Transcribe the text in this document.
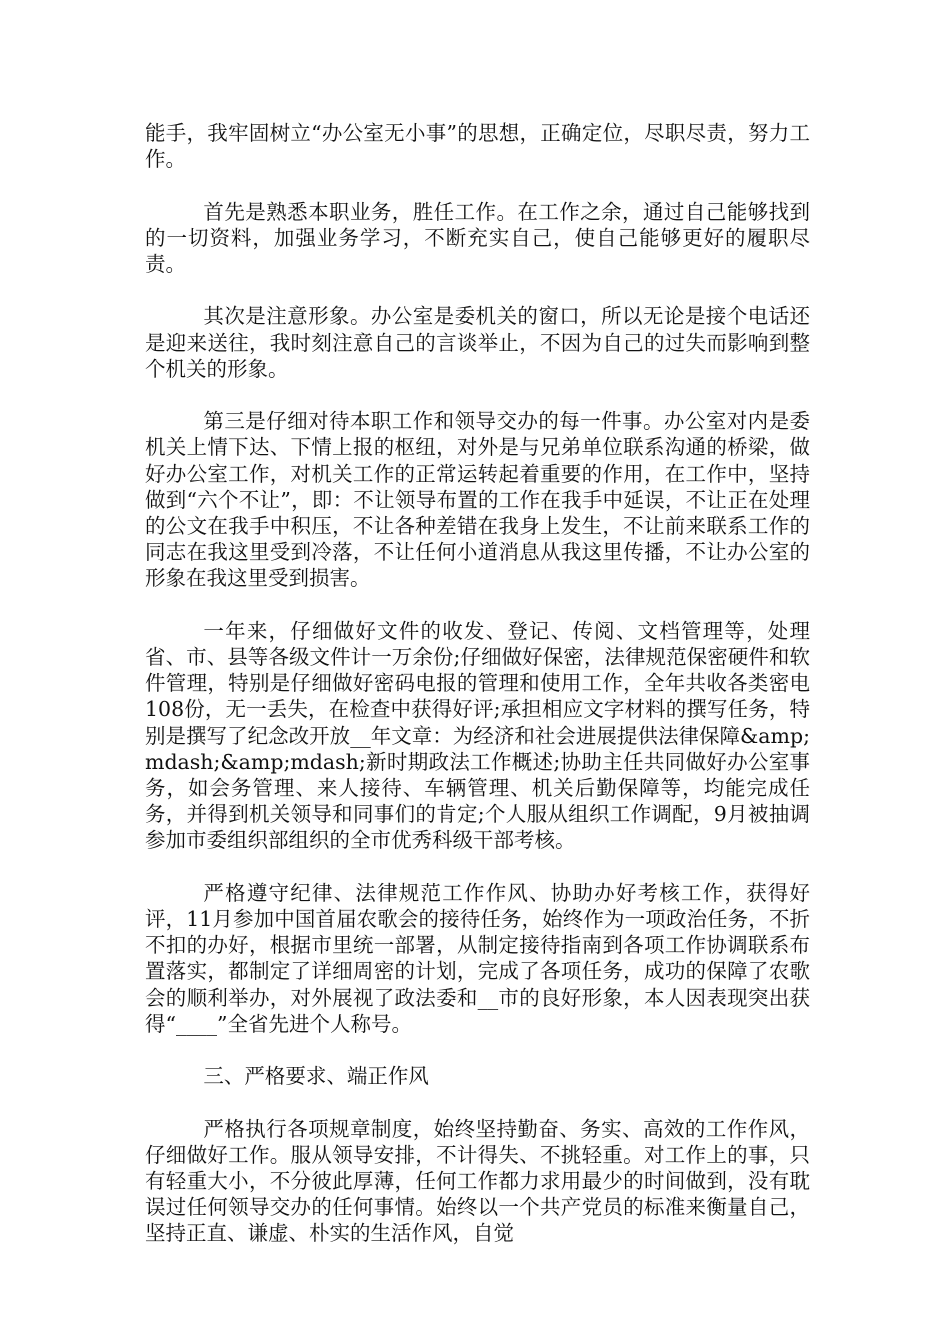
能手，我牢固树立“办公室无小事”的思想，正确定位，尽职尽责，努力工作。

首先是熟悉本职业务，胜任工作。在工作之余，通过自己能够找到的一切资料，加强业务学习，不断充实自己，使自己能够更好的履职尽责。

其次是注意形象。办公室是委机关的窗口，所以无论是接个电话还是迎来送往，我时刻注意自己的言谈举止，不因为自己的过失而影响到整个机关的形象。

第三是仔细对待本职工作和领导交办的每一件事。办公室对内是委机关上情下达、下情上报的枢纽，对外是与兄弟单位联系沟通的桥梁，做好办公室工作，对机关工作的正常运转起着重要的作用，在工作中，坚持做到“六个不让”，即：不让领导布置的工作在我手中延误，不让正在处理的公文在我手中积压，不让各种差错在我身上发生，不让前来联系工作的同志在我这里受到冷落，不让任何小道消息从我这里传播，不让办公室的形象在我这里受到损害。

一年来，仔细做好文件的收发、登记、传阅、文档管理等，处理省、市、县等各级文件计一万余份;仔细做好保密，法律规范保密硬件和软件管理，特别是仔细做好密码电报的管理和使用工作，全年共收各类密电108份，无一丢失，在检查中获得好评;承担相应文字材料的撰写任务，特别是撰写了纪念改开放__年文章：为经济和社会进展提供法律保障&amp;mdash;&amp;mdash;新时期政法工作概述;协助主任共同做好办公室事务，如会务管理、来人接待、车辆管理、机关后勤保障等，均能完成任务，并得到机关领导和同事们的肯定;个人服从组织工作调配，9月被抽调参加市委组织部组织的全市优秀科级干部考核。

严格遵守纪律、法律规范工作作风、协助办好考核工作，获得好评，11月参加中国首届农歌会的接待任务，始终作为一项政治任务，不折不扣的办好，根据市里统一部署，从制定接待指南到各项工作协调联系布置落实，都制定了详细周密的计划，完成了各项任务，成功的保障了农歌会的顺利举办，对外展视了政法委和__市的良好形象，本人因表现突出获得“____”全省先进个人称号。

三、严格要求、端正作风

严格执行各项规章制度，始终坚持勤奋、务实、高效的工作作风，仔细做好工作。服从领导安排，不计得失、不挑轻重。对工作上的事，只有轻重大小，不分彼此厚薄，任何工作都力求用最少的时间做到，没有耽误过任何领导交办的任何事情。始终以一个共产党员的标准来衡量自己，坚持正直、谦虚、朴实的生活作风，自觉
